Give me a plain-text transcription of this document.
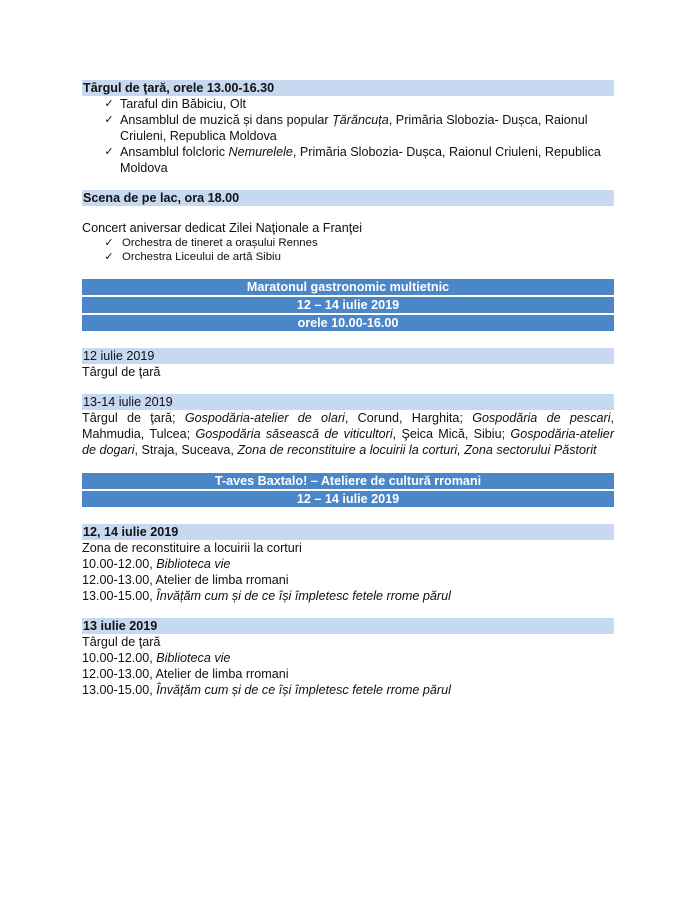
Târgul de ţară, orele 13.00-16.30
✓ Taraful din Băbiciu, Olt
✓ Ansamblul de muzică și dans popular Țărăncuța, Primăria Slobozia- Dușca, Raionul Criuleni, Republica Moldova
✓ Ansamblul folcloric Nemurelele, Primăria Slobozia- Dușca, Raionul Criuleni, Republica Moldova
Scena de pe lac, ora 18.00
Concert aniversar dedicat Zilei Naţionale a Franţei
✓ Orchestra de tineret a orașului Rennes
✓ Orchestra Liceului de artă Sibiu
Maratonul gastronomic multietnic
12 – 14 iulie 2019
orele 10.00-16.00
12 iulie 2019
Târgul de ţară
13-14 iulie 2019
Târgul de ţară; Gospodăria-atelier de olari, Corund, Harghita; Gospodăria de pescari, Mahmudia, Tulcea; Gospodăria săsească de viticultori, Şeica Mică, Sibiu; Gospodăria-atelier de dogari, Straja, Suceava, Zona de reconstituire a locuirii la corturi, Zona sectorului Păstorit
T-aves Baxtalo! – Ateliere de cultură rromani
12 – 14 iulie 2019
12, 14 iulie 2019
Zona de reconstituire a locuirii la corturi
10.00-12.00, Biblioteca vie
12.00-13.00, Atelier de limba rromani
13.00-15.00, Învățăm cum și de ce își împletesc fetele rrome părul
13 iulie 2019
Târgul de ţară
10.00-12.00, Biblioteca vie
12.00-13.00, Atelier de limba rromani
13.00-15.00, Învățăm cum și de ce își împletesc fetele rrome părul
